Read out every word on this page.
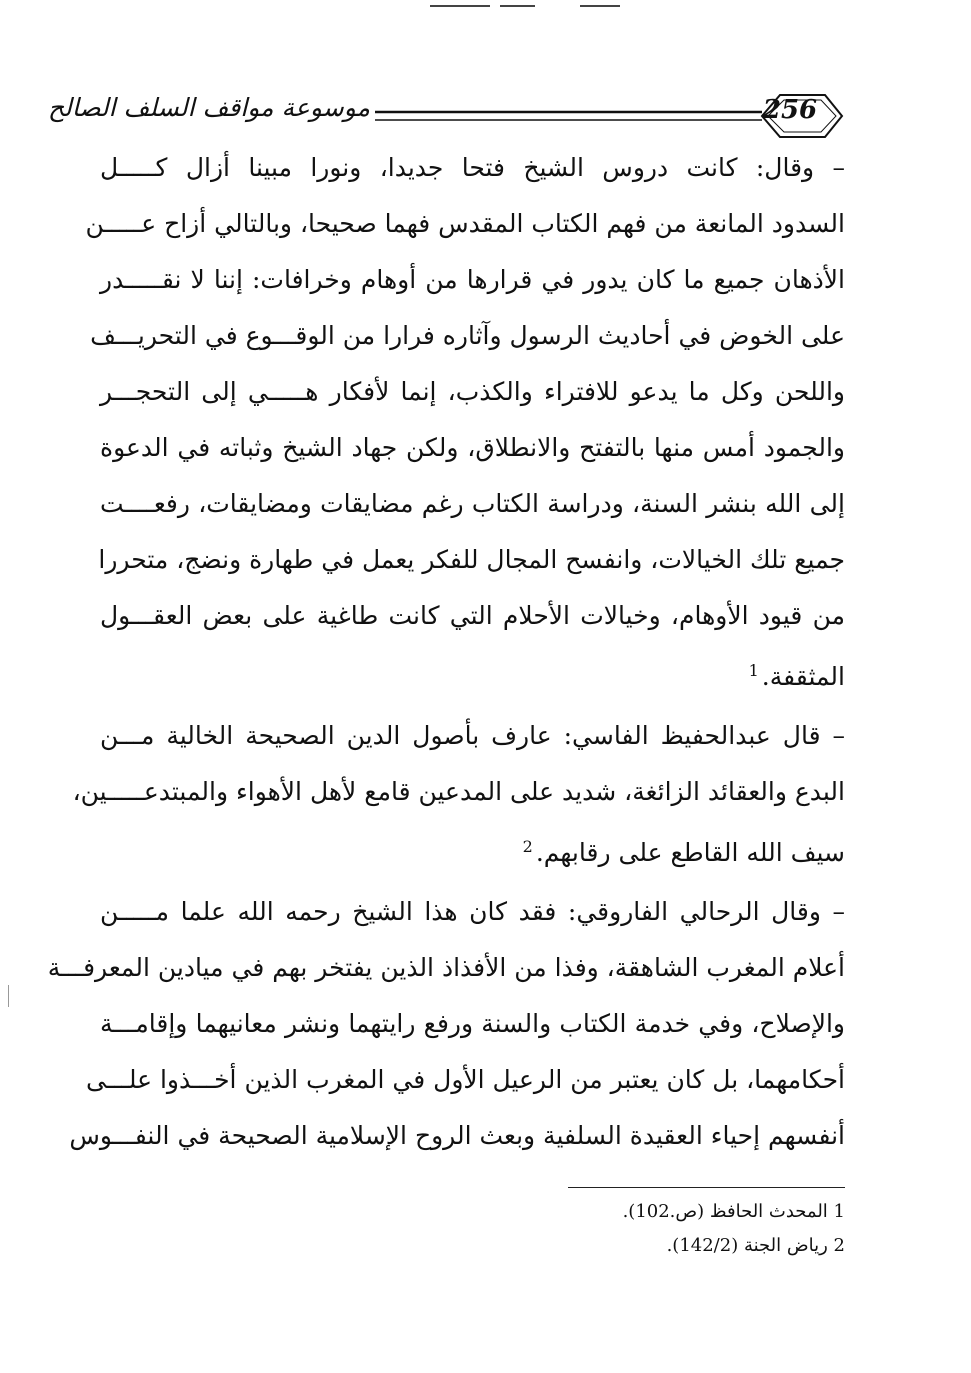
موسوعة مواقف السلف الصالح	256
– وقال: كانت دروس الشيخ فتحا جديدا، ونورا مبينا أزال كـــــل
السدود المانعة من فهم الكتاب المقدس فهما صحيحا، وبالتالي أزاح عـــــن
الأذهان جميع ما كان يدور في قرارها من أوهام وخرافات: إننا لا نقـــــدر
على الخوض في أحاديث الرسول وآثاره فرارا من الوقـــوع في التحريـــف
واللحن وكل ما يدعو للافتراء والكذب، إنما لأفكار هـــــي إلى التحجـــر
والجمود أمس منها بالتفتح والانطلاق، ولكن جهاد الشيخ وثباته في الدعوة
إلى الله بنشر السنة، ودراسة الكتاب رغم مضايقات ومضايقات، رفعــــت
جميع تلك الخيالات، وانفسح المجال للفكر يعمل في طهارة ونضج، متحررا
من قيود الأوهام، وخيالات الأحلام التي كانت طاغية على بعض العقـــول
المثقفة.$^1$
– قال عبدالحفيظ الفاسي: عارف بأصول الدين الصحيحة الخالية مـــن
البدع والعقائد الزائغة، شديد على المدعين قامع لأهل الأهواء والمبتدعـــــين،
سيف الله القاطع على رقابهم.$^2$
– وقال الرحالي الفاروقي: فقد كان هذا الشيخ رحمه الله علما مـــــن
أعلام المغرب الشاهقة، وفذا من الأفذاذ الذين يفتخر بهم في ميادين المعرفـــة
والإصلاح، وفي خدمة الكتاب والسنة ورفع رايتهما ونشر معانيهما وإقامـــة
أحكامهما، بل كان يعتبر من الرعيل الأول في المغرب الذين أخـــذوا علـــى
أنفسهم إحياء العقيدة السلفية وبعث الروح الإسلامية الصحيحة في النفـــوس
1 المحدث الحافظ (ص.102).
2 رياض الجنة (142/2).
